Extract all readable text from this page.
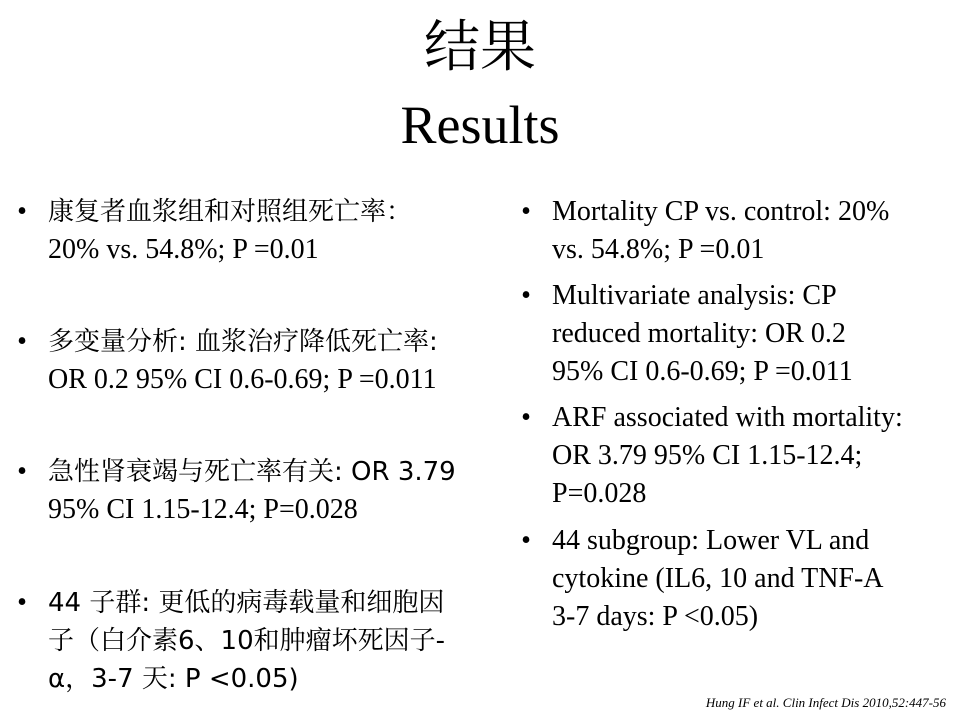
结果
Results
• 康复者血浆组和对照组死亡率：
20% vs. 54.8%; P =0.01
• 多变量分析: 血浆治疗降低死亡率:
OR 0.2 95% CI 0.6-0.69; P =0.011
• 急性肾衰竭与死亡率有关: OR 3.79
95% CI 1.15-12.4; P=0.028
• 44 子群: 更低的病毒载量和细胞因
子（白介素6、10和肿瘤坏死因子-
α，3-7 天: P <0.05)
• Mortality CP vs. control: 20%
vs. 54.8%; P =0.01
• Multivariate analysis: CP
reduced mortality: OR 0.2
95% CI 0.6-0.69; P =0.011
• ARF associated with mortality:
OR 3.79 95% CI 1.15-12.4;
P=0.028
• 44 subgroup: Lower VL and
cytokine (IL6, 10 and TNF-A
3-7 days: P <0.05)
Hung IF et al. Clin Infect Dis 2010,52:447-56
